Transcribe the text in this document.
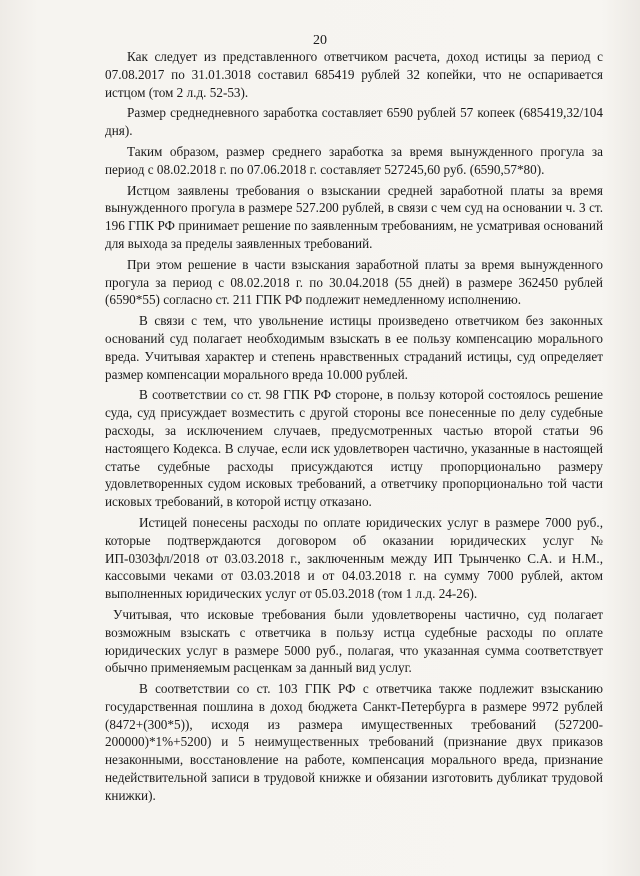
20

Как следует из представленного ответчиком расчета, доход истицы за период с 07.08.2017 по 31.01.3018 составил 685419 рублей 32 копейки, что не оспаривается истцом (том 2 л.д. 52-53).

Размер среднедневного заработка составляет 6590 рублей 57 копеек (685419,32/104 дня).

Таким образом, размер среднего заработка за время вынужденного прогула за период с 08.02.2018 г. по 07.06.2018 г. составляет 527245,60 руб. (6590,57*80).

Истцом заявлены требования о взыскании средней заработной платы за время вынужденного прогула в размере 527.200 рублей, в связи с чем суд на основании ч. 3 ст. 196 ГПК РФ принимает решение по заявленным требованиям, не усматривая оснований для выхода за пределы заявленных требований.

При этом решение в части взыскания заработной платы за время вынужденного прогула за период с 08.02.2018 г. по 30.04.2018 (55 дней) в размере 362450 рублей (6590*55) согласно ст. 211 ГПК РФ подлежит немедленному исполнению.

В связи с тем, что увольнение истицы произведено ответчиком без законных оснований суд полагает необходимым взыскать в ее пользу компенсацию морального вреда. Учитывая характер и степень нравственных страданий истицы, суд определяет размер компенсации морального вреда 10.000 рублей.

В соответствии со ст. 98 ГПК РФ стороне, в пользу которой состоялось решение суда, суд присуждает возместить с другой стороны все понесенные по делу судебные расходы, за исключением случаев, предусмотренных частью второй статьи 96 настоящего Кодекса. В случае, если иск удовлетворен частично, указанные в настоящей статье судебные расходы присуждаются истцу пропорционально размеру удовлетворенных судом исковых требований, а ответчику пропорционально той части исковых требований, в которой истцу отказано.

Истицей понесены расходы по оплате юридических услуг в размере 7000 руб., которые подтверждаются договором об оказании юридических услуг № ИП-0303фл/2018 от 03.03.2018 г., заключенным между ИП Трынченко С.А. и Н.М., кассовыми чеками от 03.03.2018 и от 04.03.2018 г. на сумму 7000 рублей, актом выполненных юридических услуг от 05.03.2018 (том 1 л.д. 24-26).

Учитывая, что исковые требования были удовлетворены частично, суд полагает возможным взыскать с ответчика в пользу истца судебные расходы по оплате юридических услуг в размере 5000 руб., полагая, что указанная сумма соответствует обычно применяемым расценкам за данный вид услуг.

В соответствии со ст. 103 ГПК РФ с ответчика также подлежит взысканию государственная пошлина в доход бюджета Санкт-Петербурга в размере 9972 рублей (8472+(300*5)), исходя из размера имущественных требований (527200-200000)*1%+5200) и 5 неимущественных требований (признание двух приказов незаконными, восстановление на работе, компенсация морального вреда, признание недействительной записи в трудовой книжке и обязании изготовить дубликат трудовой книжки).
